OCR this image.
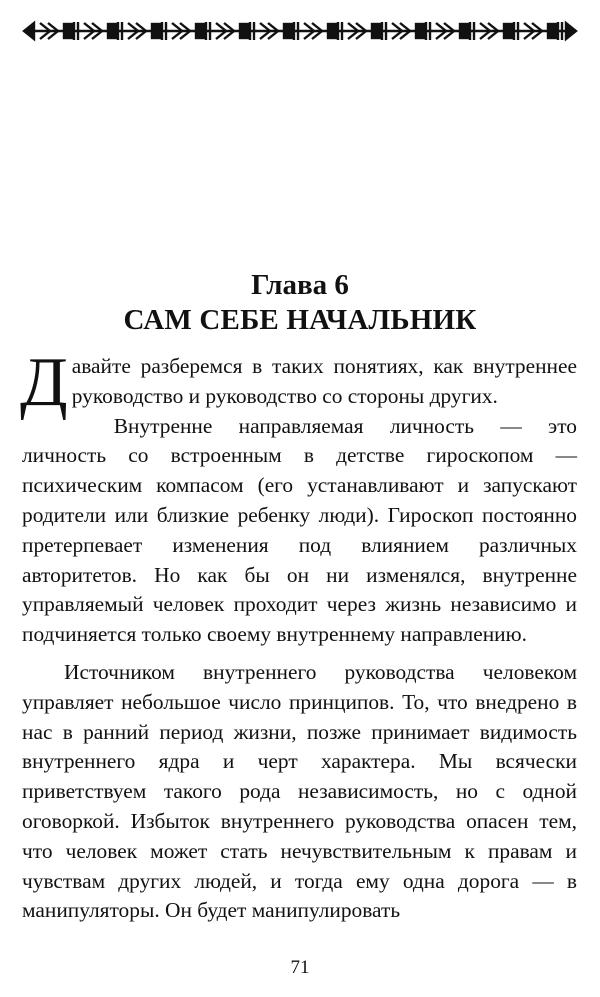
Глава 6
САМ СЕБЕ НАЧАЛЬНИК

Давайте разберемся в таких понятиях, как внутреннее руководство и руководство со стороны других.

Внутренне направляемая личность — это личность со встроенным в детстве гироскопом — психическим компасом (его устанавливают и запускают родители или близкие ребенку люди). Гироскоп постоянно претерпевает изменения под влиянием различных авторитетов. Но как бы он ни изменялся, внутренне управляемый человек проходит через жизнь независимо и подчиняется только своему внутреннему направлению.

Источником внутреннего руководства человеком управляет небольшое число принципов. То, что внедрено в нас в ранний период жизни, позже принимает видимость внутреннего ядра и черт характера. Мы всячески приветствуем такого рода независимость, но с одной оговоркой. Избыток внутреннего руководства опасен тем, что человек может стать нечувствительным к правам и чувствам других людей, и тогда ему одна дорога — в манипуляторы. Он будет манипулировать

71
